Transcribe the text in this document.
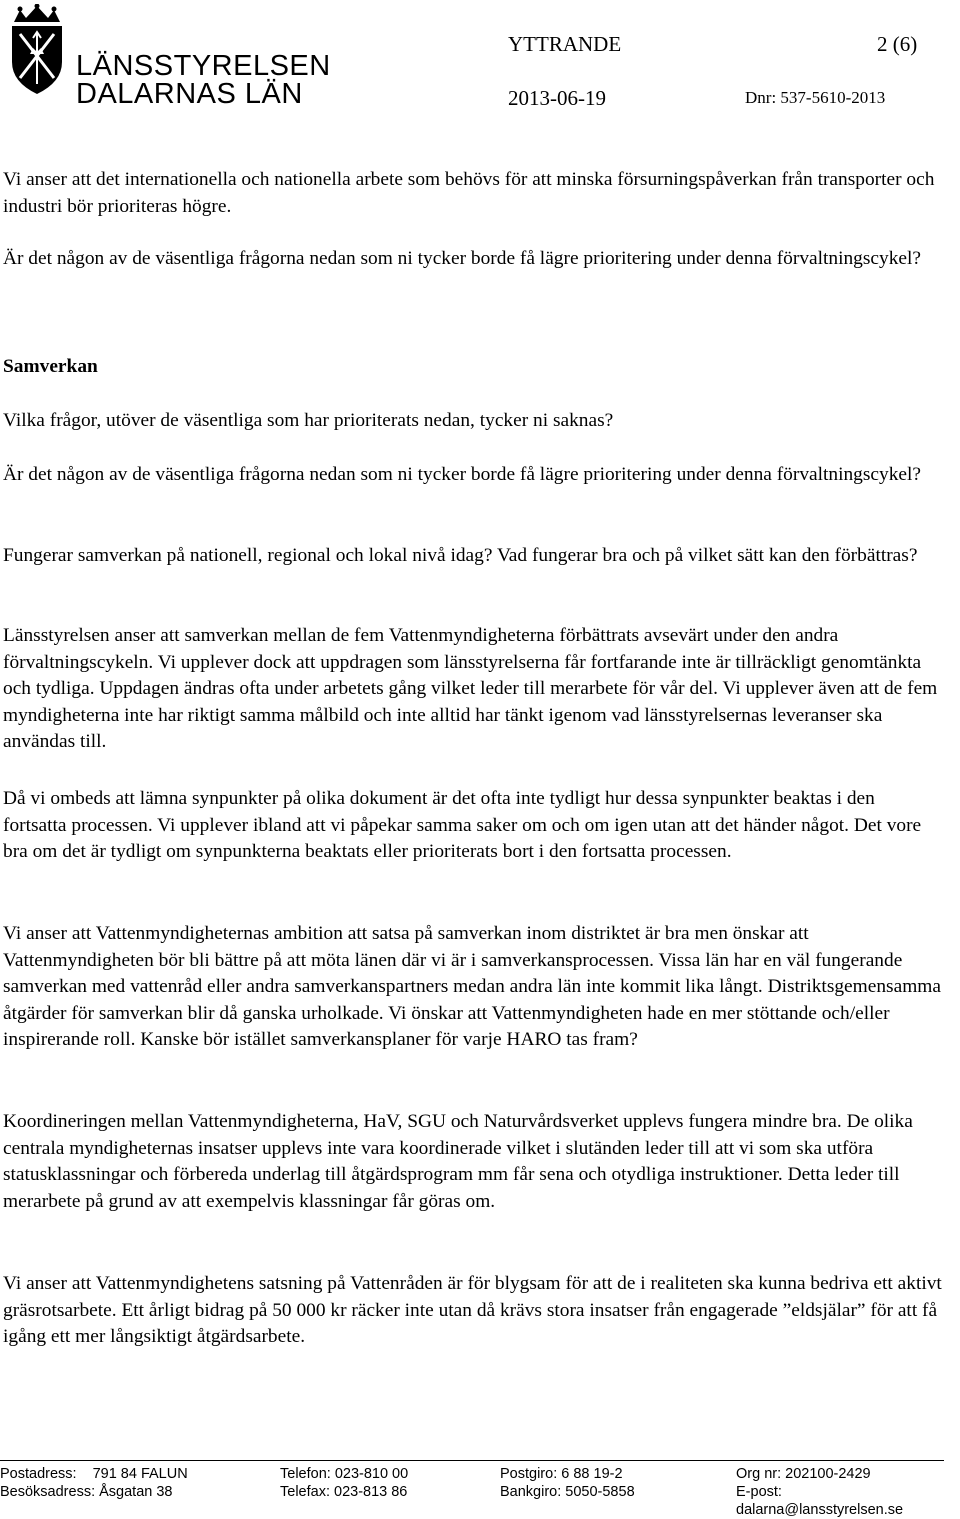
LÄNSSTYRELSEN
DALARNAS LÄN
YTTRANDE	2 (6)
2013-06-19	Dnr: 537-5610-2013

Vi anser att det internationella och nationella arbete som behövs för att minska försurningspåverkan från transporter och industri bör prioriteras högre.

Är det någon av de väsentliga frågorna nedan som ni tycker borde få lägre prioritering under denna förvaltningscykel?

Samverkan

Vilka frågor, utöver de väsentliga som har prioriterats nedan, tycker ni saknas?

Är det någon av de väsentliga frågorna nedan som ni tycker borde få lägre prioritering under denna förvaltningscykel?

Fungerar samverkan på nationell, regional och lokal nivå idag? Vad fungerar bra och på vilket sätt kan den förbättras?

Länsstyrelsen anser att samverkan mellan de fem Vattenmyndigheterna förbättrats avsevärt under den andra förvaltningscykeln. Vi upplever dock att uppdragen som länsstyrelserna får fortfarande inte är tillräckligt genomtänkta och tydliga. Uppdagen ändras ofta under arbetets gång vilket leder till merarbete för vår del. Vi upplever även att de fem myndigheterna inte har riktigt samma målbild och inte alltid har tänkt igenom vad länsstyrelsernas leveranser ska användas till.

Då vi ombeds att lämna synpunkter på olika dokument är det ofta inte tydligt hur dessa synpunkter beaktas i den fortsatta processen. Vi upplever ibland att vi påpekar samma saker om och om igen utan att det händer något. Det vore bra om det är tydligt om synpunkterna beaktats eller prioriterats bort i den fortsatta processen.

Vi anser att Vattenmyndigheternas ambition att satsa på samverkan inom distriktet är bra men önskar att Vattenmyndigheten bör bli bättre på att möta länen där vi är i samverkansprocessen. Vissa län har en väl fungerande samverkan med vattenråd eller andra samverkanspartners medan andra län inte kommit lika långt. Distriktsgemensamma åtgärder för samverkan blir då ganska urholkade. Vi önskar att Vattenmyndigheten hade en mer stöttande och/eller inspirerande roll. Kanske bör istället samverkansplaner för varje HARO tas fram?

Koordineringen mellan Vattenmyndigheterna, HaV, SGU och Naturvårdsverket upplevs fungera mindre bra. De olika centrala myndigheternas insatser upplevs inte vara koordinerade vilket i slutänden leder till att vi som ska utföra statusklassningar och förbereda underlag till åtgärdsprogram mm får sena och otydliga instruktioner. Detta leder till merarbete på grund av att exempelvis klassningar får göras om.

Vi anser att Vattenmyndighetens satsning på Vattenråden är för blygsam för att de i realiteten ska kunna bedriva ett aktivt gräsrotsarbete. Ett årligt bidrag på 50 000 kr räcker inte utan då krävs stora insatser från engagerade ”eldsjälar” för att få igång ett mer långsiktigt åtgärdsarbete.

Postadress: 791 84 FALUN
Besöksadress: Åsgatan 38
Telefon: 023-810 00
Telefax: 023-813 86
Postgiro: 6 88 19-2
Bankgiro: 5050-5858
Org nr: 202100-2429
E-post:
dalarna@lansstyrelsen.se
